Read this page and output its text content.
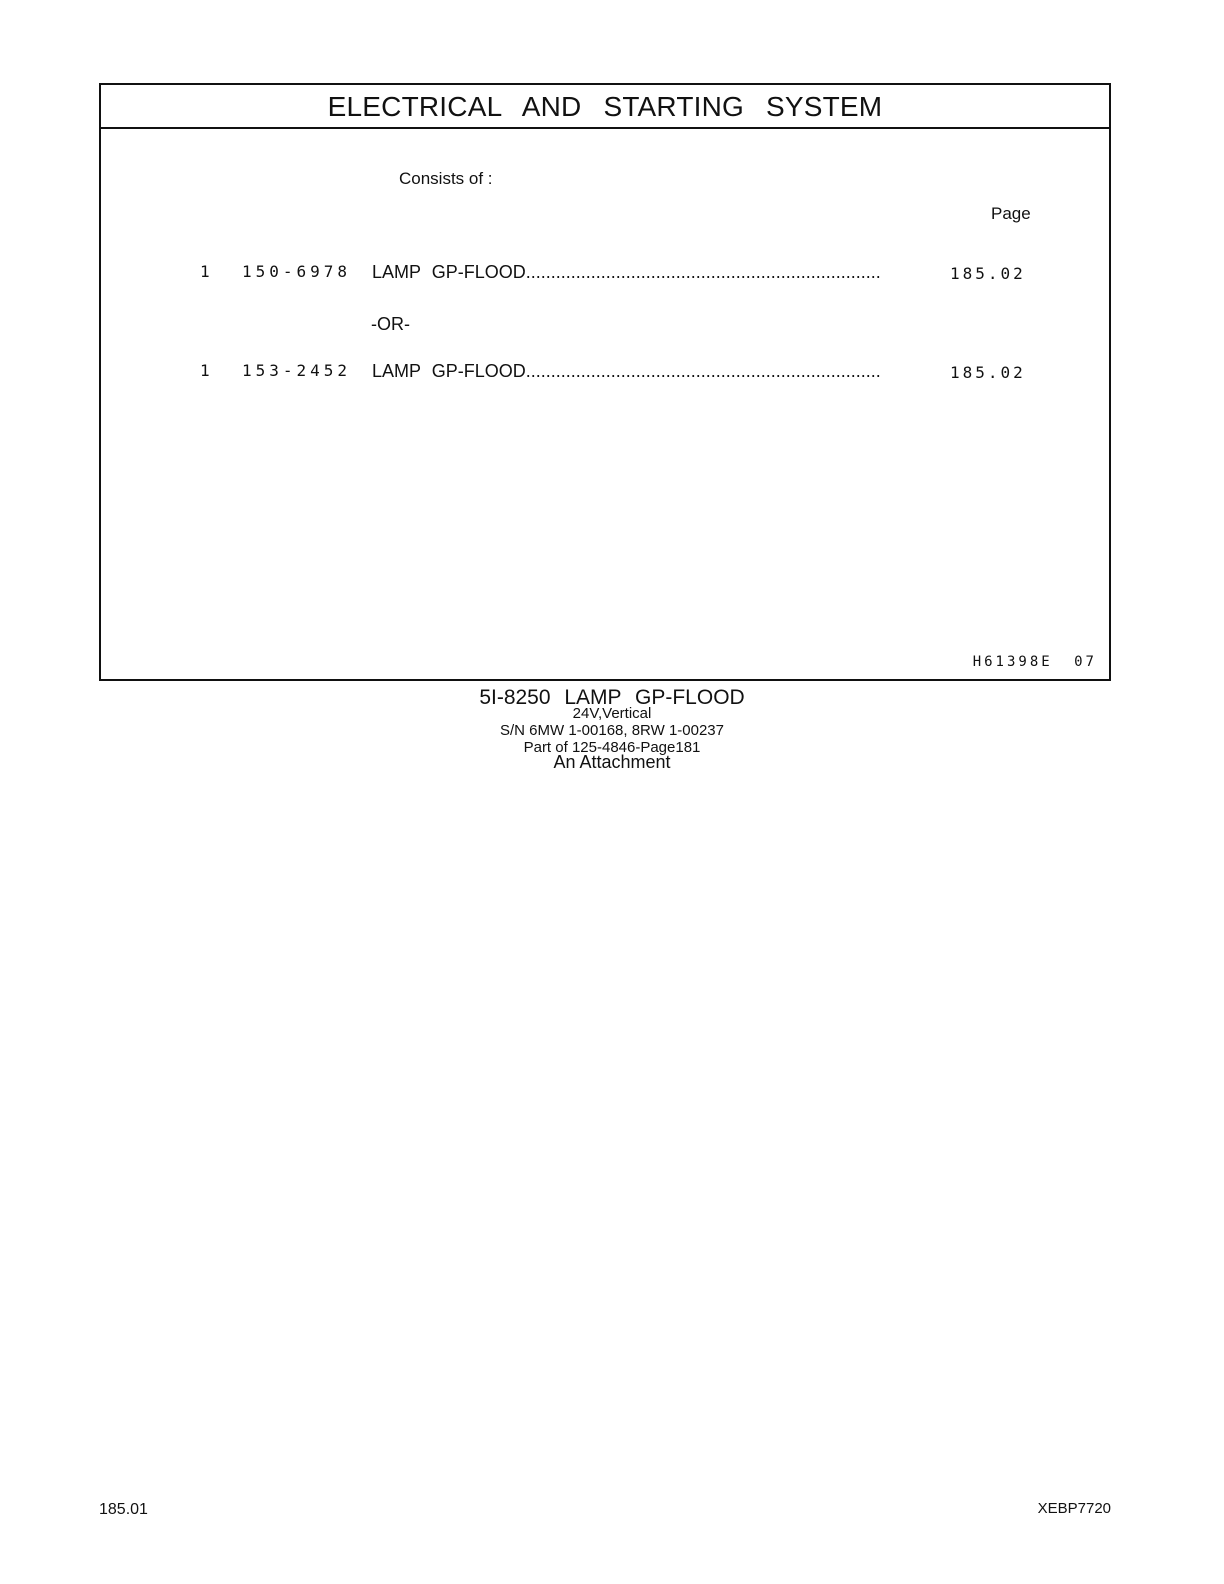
ELECTRICAL AND STARTING SYSTEM
Consists of :
Page
1 150-6978 LAMP GP-FLOOD.......................................................................	185.02
-OR-
1 153-2452 LAMP GP-FLOOD.......................................................................	185.02
H61398E 07
5I-8250 LAMP GP-FLOOD
24V,Vertical
S/N 6MW 1-00168, 8RW 1-00237
Part of 125-4846-Page181
An Attachment
185.01	XEBP7720
